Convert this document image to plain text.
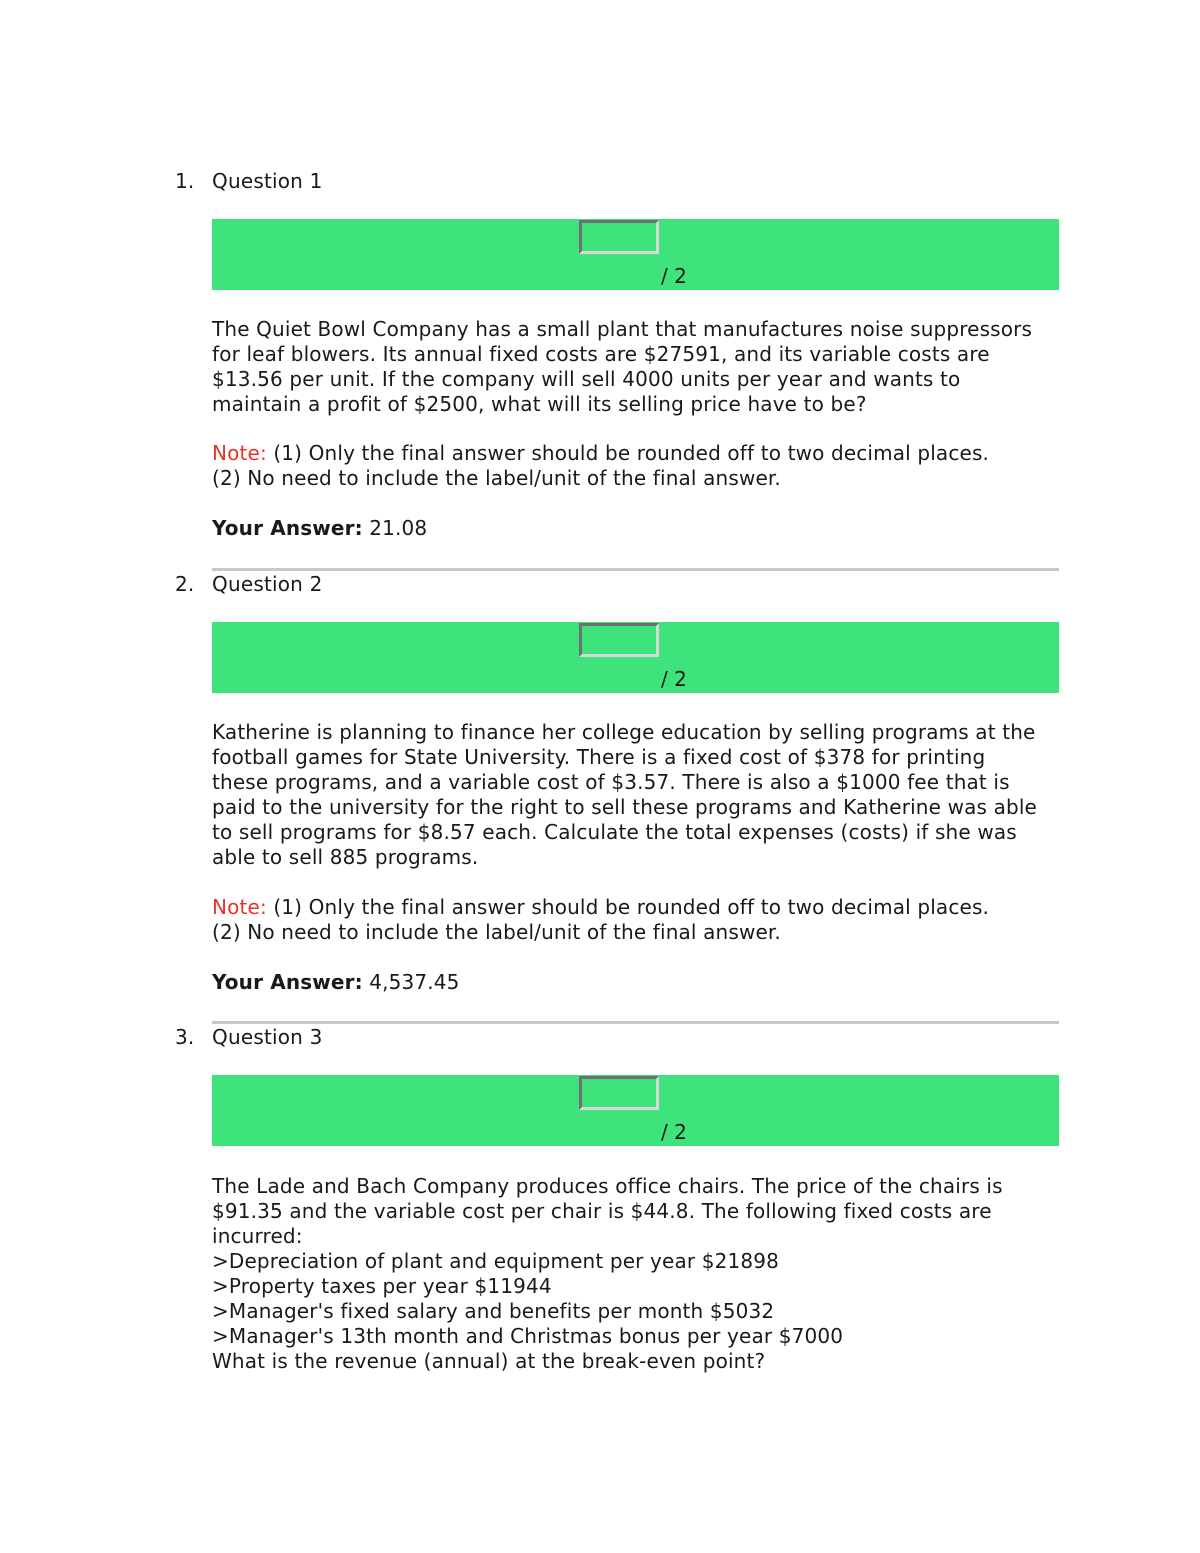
1. Question 1
/ 2
The Quiet Bowl Company has a small plant that manufactures noise suppressors
for leaf blowers. Its annual fixed costs are $27591, and its variable costs are
$13.56 per unit. If the company will sell 4000 units per year and wants to
maintain a profit of $2500, what will its selling price have to be?
Note: (1) Only the final answer should be rounded off to two decimal places.
(2) No need to include the label/unit of the final answer.
Your Answer: 21.08
2. Question 2
/ 2
Katherine is planning to finance her college education by selling programs at the
football games for State University. There is a fixed cost of $378 for printing
these programs, and a variable cost of $3.57. There is also a $1000 fee that is
paid to the university for the right to sell these programs and Katherine was able
to sell programs for $8.57 each. Calculate the total expenses (costs) if she was
able to sell 885 programs.
Note: (1) Only the final answer should be rounded off to two decimal places.
(2) No need to include the label/unit of the final answer.
Your Answer: 4,537.45
3. Question 3
/ 2
The Lade and Bach Company produces office chairs. The price of the chairs is
$91.35 and the variable cost per chair is $44.8. The following fixed costs are
incurred:
>Depreciation of plant and equipment per year $21898
>Property taxes per year $11944
>Manager's fixed salary and benefits per month $5032
>Manager's 13th month and Christmas bonus per year $7000
What is the revenue (annual) at the break-even point?
